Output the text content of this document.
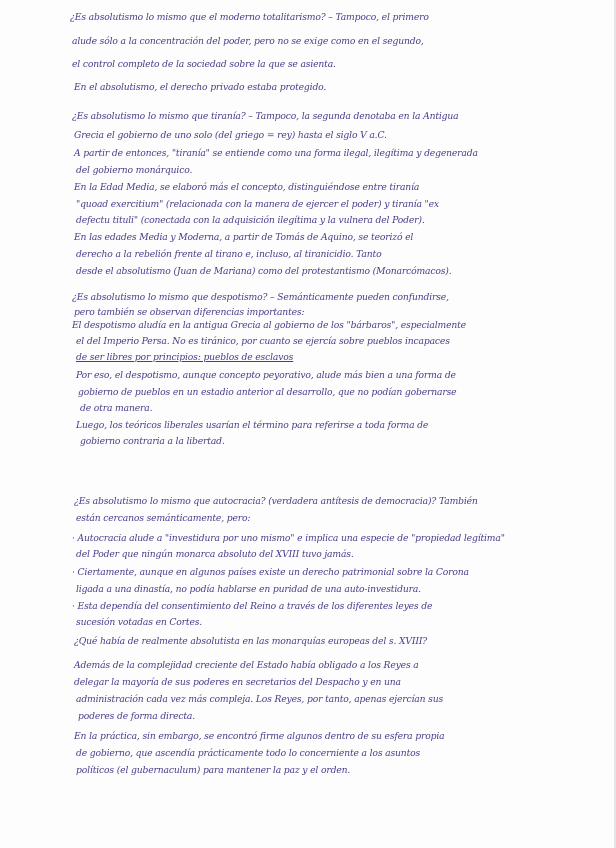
¿Es absolutismo lo mismo que el moderno totalitarismo? – Tampoco, el primero
alude sólo a la concentración del poder, pero no se exige como en el segundo,
el control completo de la sociedad sobre la que se asienta.
En el absolutismo, el derecho privado estaba protegido.
¿Es absolutismo lo mismo que tiranía? – Tampoco, la segunda denotaba en la Antigua
Grecia el gobierno de uno solo (del griego = rey) hasta el siglo V a.C.
A partir de entonces, "tiranía" se entiende como una forma ilegal, ilegítima y degenerada
del gobierno monárquico.
En la Edad Media, se elaboró más el concepto, distinguiéndose entre tiranía
"quoad exercitium" (relacionada con la manera de ejercer el poder) y tiranía "ex
defectu tituli" (conectada con la adquisición ilegítima y la vulnera del Poder).
En las edades Media y Moderna, a partir de Tomás de Aquino, se teorizó el
derecho a la rebelión frente al tirano e, incluso, al tiranicidio. Tanto
desde el absolutismo (Juan de Mariana) como del protestantismo (Monarcómacos).
¿Es absolutismo lo mismo que despotismo? – Semánticamente pueden confundirse,
pero también se observan diferencias importantes:
El despotismo aludía en la antigua Grecia al gobierno de los "bárbaros", especialmente
el del Imperio Persa. No es tiránico, por cuanto se ejercía sobre pueblos incapaces
de ser libres por principios: pueblos de esclavos
Por eso, el despotismo, aunque concepto peyorativo, alude más bien a una forma de
gobierno de pueblos en un estadio anterior al desarrollo, que no podían gobernarse
de otra manera.
Luego, los teóricos liberales usarían el término para referirse a toda forma de
gobierno contraria a la libertad.
¿Es absolutismo lo mismo que autocracia? (verdadera antítesis de democracia)? También
están cercanos semánticamente, pero:
· Autocracia alude a "investidura por uno mismo" e implica una especie de "propiedad legítima"
del Poder que ningún monarca absoluto del XVIII tuvo jamás.
· Ciertamente, aunque en algunos países existe un derecho patrimonial sobre la Corona
ligada a una dinastía, no podía hablarse en puridad de una auto-investidura.
· Esta dependía del consentimiento del Reino a través de los diferentes leyes de
sucesión votadas en Cortes.
¿Qué había de realmente absolutista en las monarquías europeas del s. XVIII?
Además de la complejidad creciente del Estado había obligado a los Reyes a
delegar la mayoría de sus poderes en secretarios del Despacho y en una
administración cada vez más compleja. Los Reyes, por tanto, apenas ejercían sus
poderes de forma directa.
En la práctica, sin embargo, se encontró firme algunos dentro de su esfera propia
de gobierno, que ascendía prácticamente todo lo concerniente a los asuntos
políticos (el gubernaculum) para mantener la paz y el orden.
